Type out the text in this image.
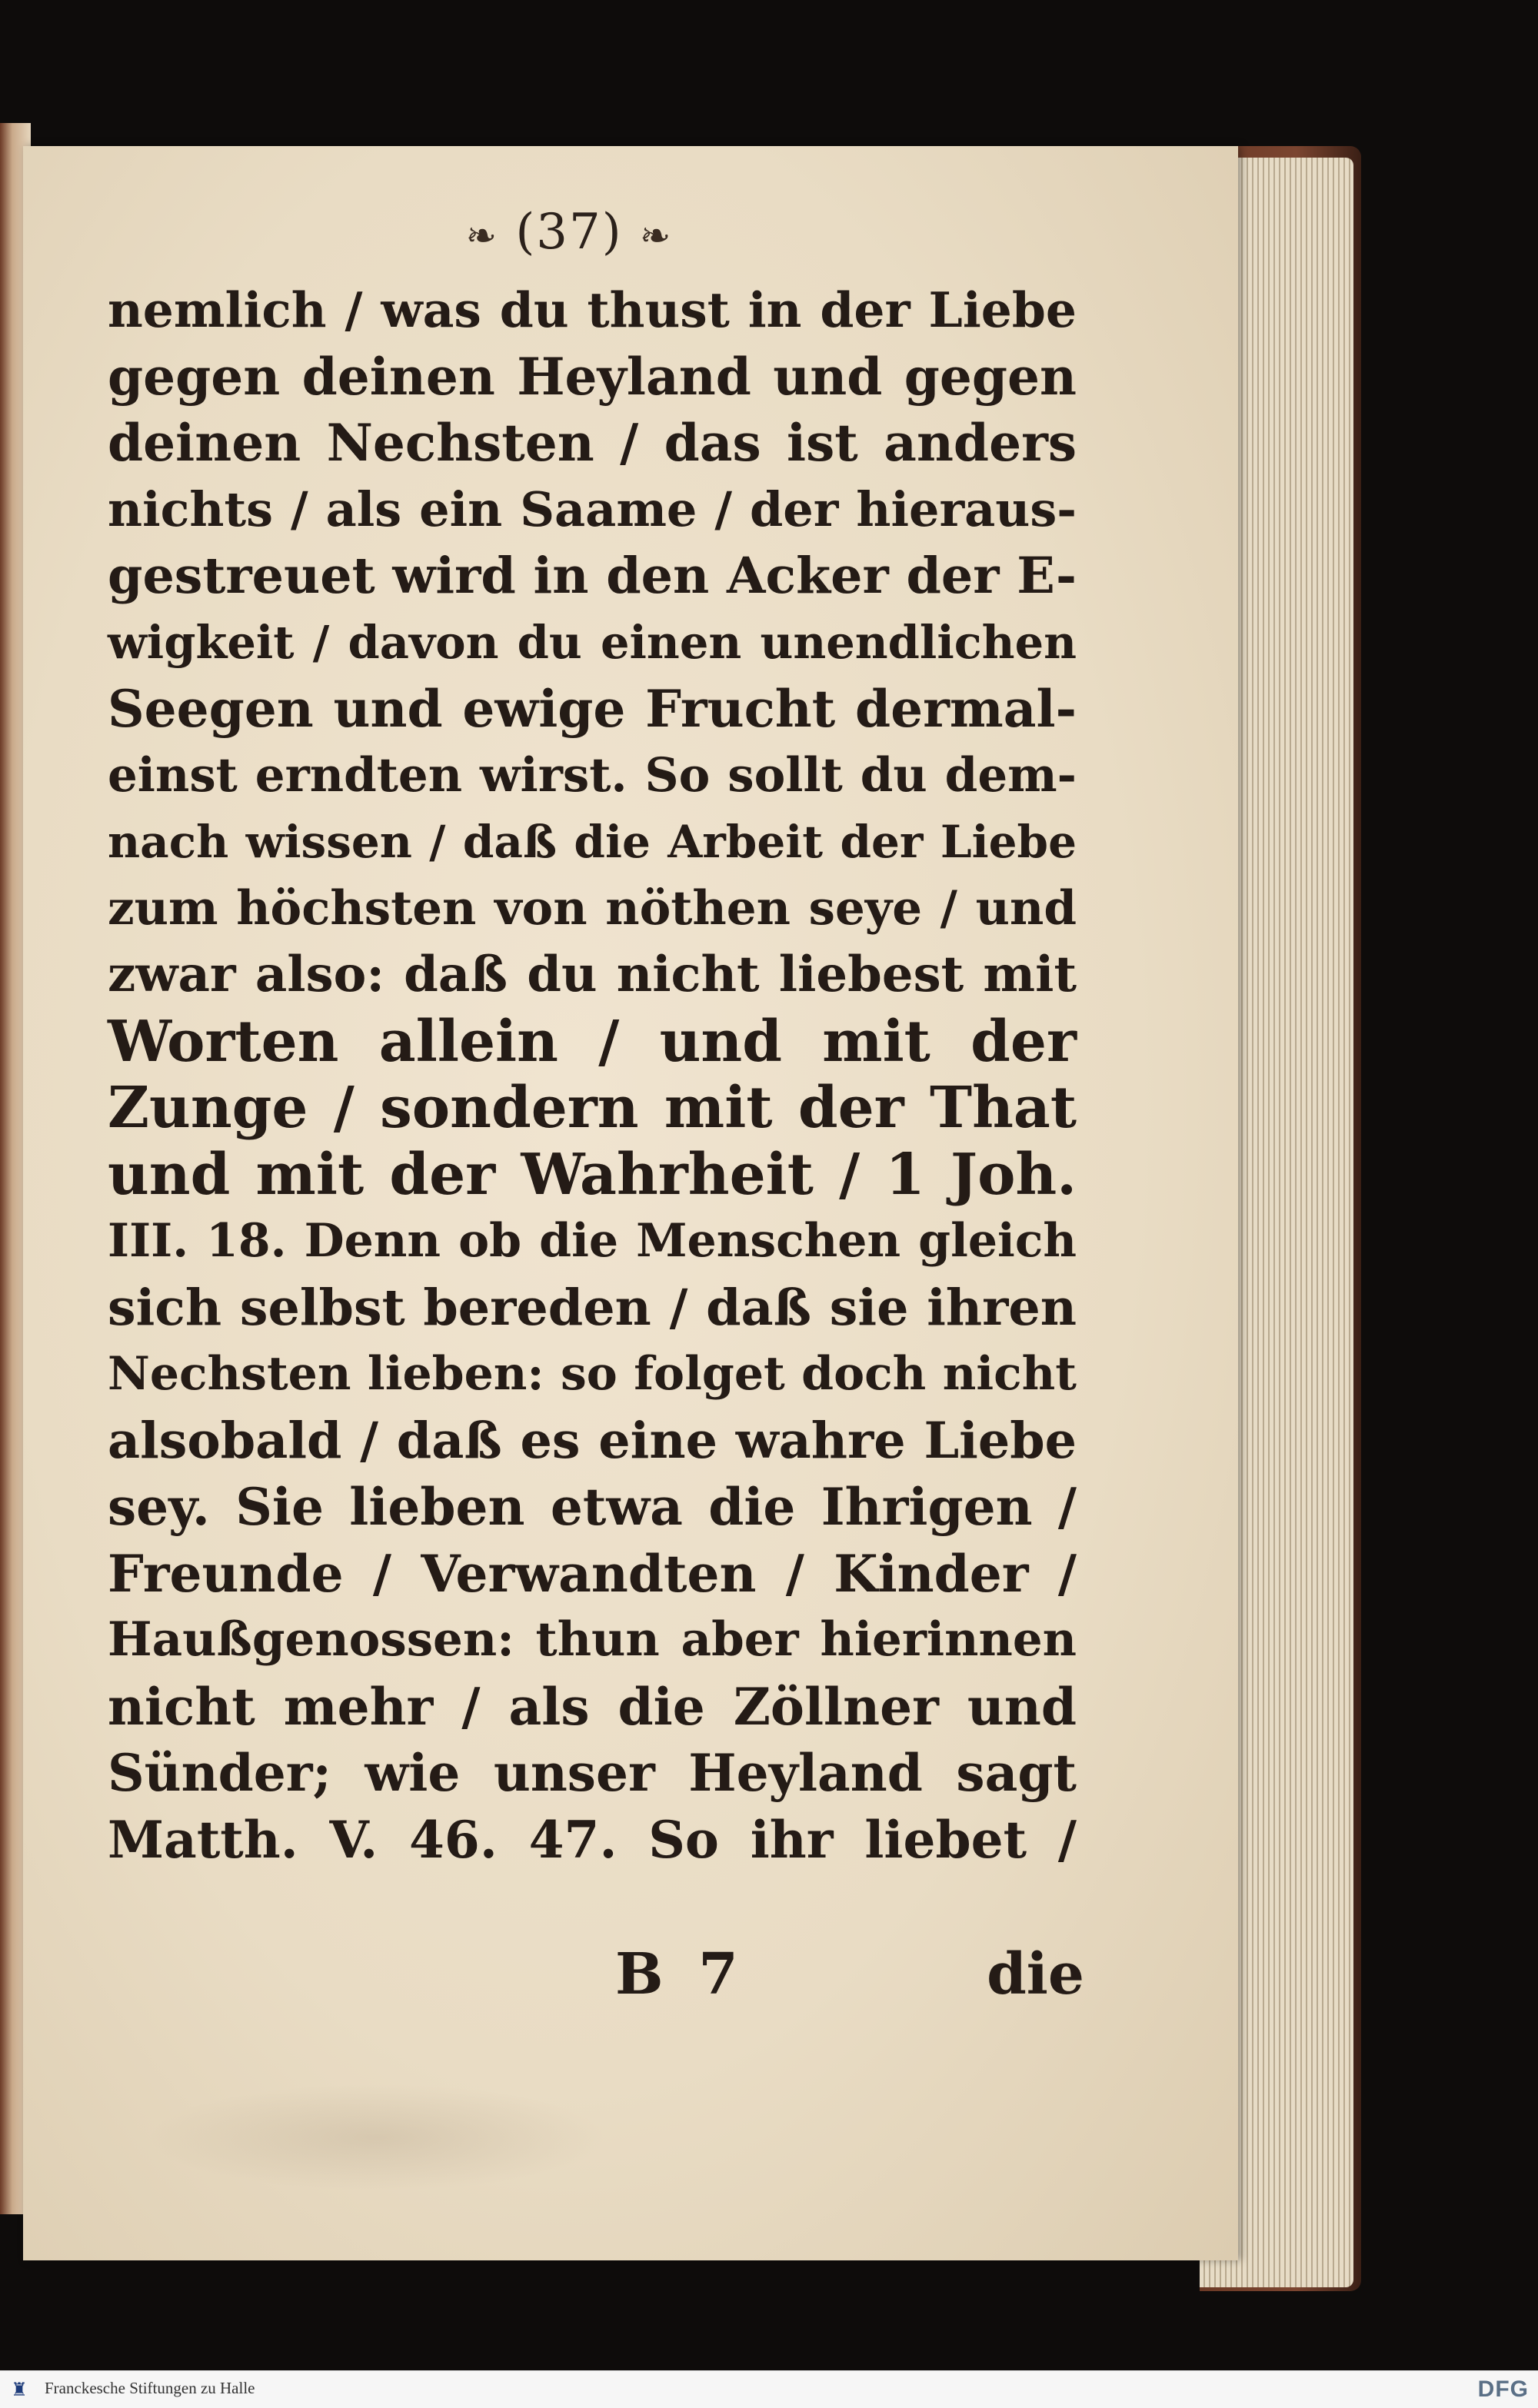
❧ (37) ❧
nemlich / was du thust in der Liebe
gegen deinen Heyland und gegen
deinen Nechsten / das ist anders
nichts / als ein Saame / der hieraus-
gestreuet wird in den Acker der E-
wigkeit / davon du einen unendlichen
Seegen und ewige Frucht dermal-
einst erndten wirst. So sollt du dem-
nach wissen / daß die Arbeit der Liebe
zum höchsten von nöthen seye / und
zwar also: daß du nicht liebest mit
Worten allein / und mit der
Zunge / sondern mit der That
und mit der Wahrheit / 1 Joh.
III. 18. Denn ob die Menschen gleich
sich selbst bereden / daß sie ihren
Nechsten lieben: so folget doch nicht
alsobald / daß es eine wahre Liebe
sey. Sie lieben etwa die Ihrigen /
Freunde / Verwandten / Kinder /
Haußgenossen: thun aber hierinnen
nicht mehr / als die Zöllner und
Sünder; wie unser Heyland sagt
Matth. V. 46. 47. So ihr liebet /
B 7	die
♜ Franckesche Stiftungen zu Halle	DFG
